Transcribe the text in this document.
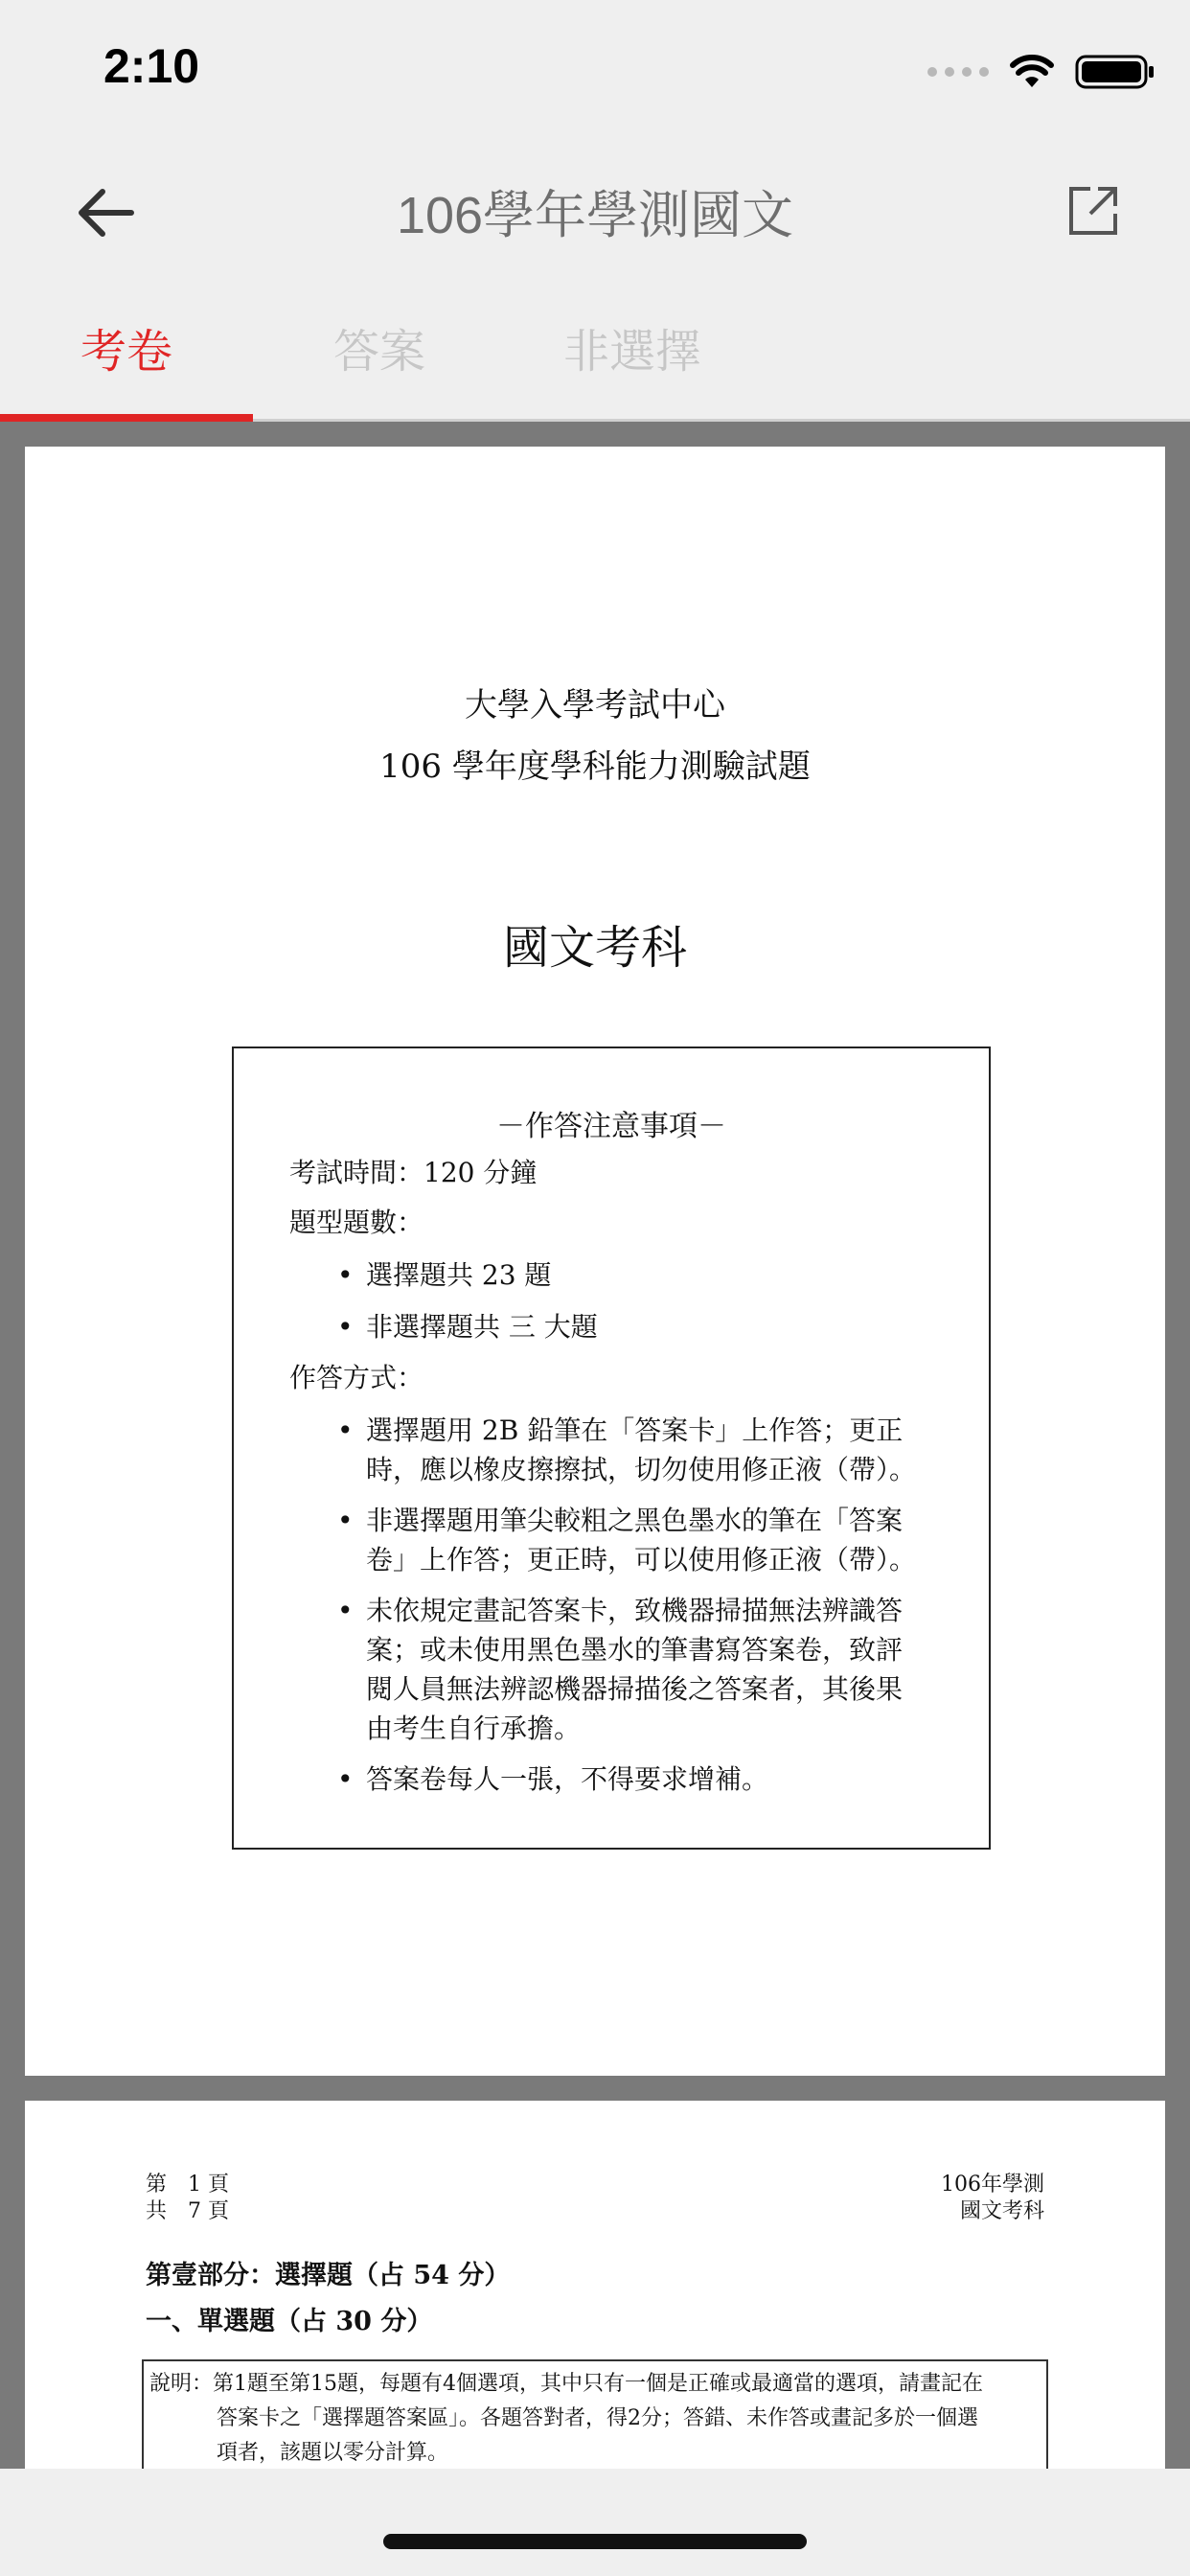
2:10
106學年學測國文
考卷	答案	非選擇
大學入學考試中心
106 學年度學科能力測驗試題
國文考科
－作答注意事項－
考試時間：120 分鐘
題型題數：
• 選擇題共 23 題
• 非選擇題共 三 大題
作答方式：
• 選擇題用 2B 鉛筆在「答案卡」上作答；更正
時，應以橡皮擦擦拭，切勿使用修正液（帶）。
• 非選擇題用筆尖較粗之黑色墨水的筆在「答案
卷」上作答；更正時，可以使用修正液（帶）。
• 未依規定畫記答案卡，致機器掃描無法辨識答
案；或未使用黑色墨水的筆書寫答案卷，致評
閱人員無法辨認機器掃描後之答案者，其後果
由考生自行承擔。
• 答案卷每人一張，不得要求增補。
第　1 頁
共　7 頁
106年學測
國文考科
第壹部分：選擇題（占 54 分）
一、單選題（占 30 分）
說明：第1題至第15題，每題有4個選項，其中只有一個是正確或最適當的選項，請畫記在
答案卡之「選擇題答案區」。各題答對者，得2分；答錯、未作答或畫記多於一個選
項者，該題以零分計算。
